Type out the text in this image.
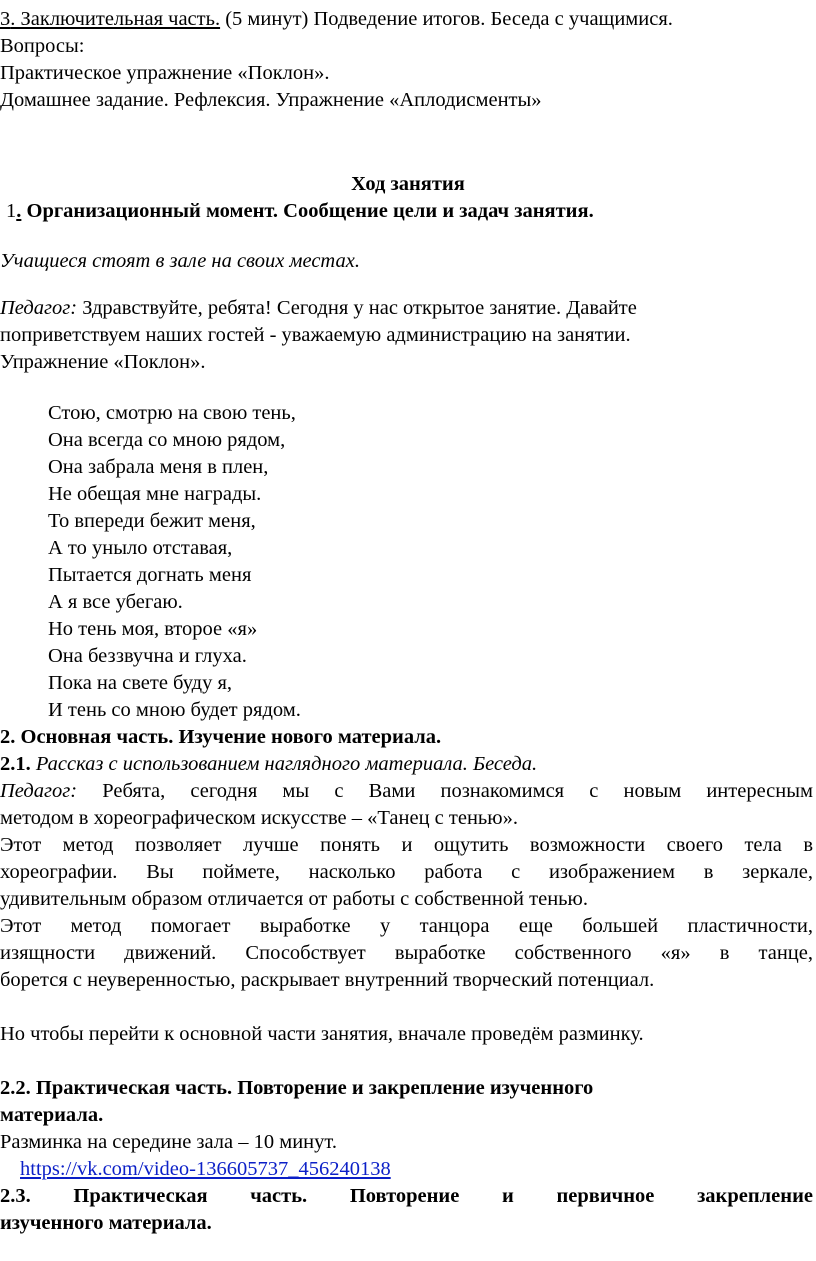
3. Заключительная часть. (5 минут) Подведение итогов. Беседа с учащимися.
Вопросы:
Практическое упражнение «Поклон».
Домашнее задание. Рефлексия. Упражнение «Аплодисменты»
Ход занятия
1. Организационный момент. Сообщение цели и задач занятия.
Учащиеся стоят в зале на своих местах.
Педагог: Здравствуйте, ребята! Сегодня у нас открытое занятие. Давайте
поприветствуем наших гостей - уважаемую администрацию на занятии.
Упражнение «Поклон».
Стою, смотрю на свою тень,
Она всегда со мною рядом,
Она забрала меня в плен,
Не обещая мне награды.
То впереди бежит меня,
А то уныло отставая,
Пытается догнать меня
А я все убегаю.
Но тень моя, второе «я»
Она беззвучна и глуха.
Пока на свете буду я,
И тень со мною будет рядом.
2. Основная часть. Изучение нового материала.
2.1. Рассказ с использованием наглядного материала. Беседа.
Педагог: Ребята, сегодня мы с Вами познакомимся с новым интересным
методом в хореографическом искусстве – «Танец с тенью».
Этот метод позволяет лучше понять и ощутить возможности своего тела в
хореографии. Вы поймете, насколько работа с изображением в зеркале,
удивительным образом отличается от работы с собственной тенью.
Этот метод помогает выработке у танцора еще большей пластичности,
изящности движений. Способствует выработке собственного «я» в танце,
борется с неуверенностью, раскрывает внутренний творческий потенциал.
Но чтобы перейти к основной части занятия, вначале проведём разминку.
2.2. Практическая часть. Повторение и закрепление изученного
материала.
Разминка на середине зала – 10 минут.
https://vk.com/video-136605737_456240138
2.3.     Практическая     часть.     Повторение     и     первичное     закрепление
изученного материала.
